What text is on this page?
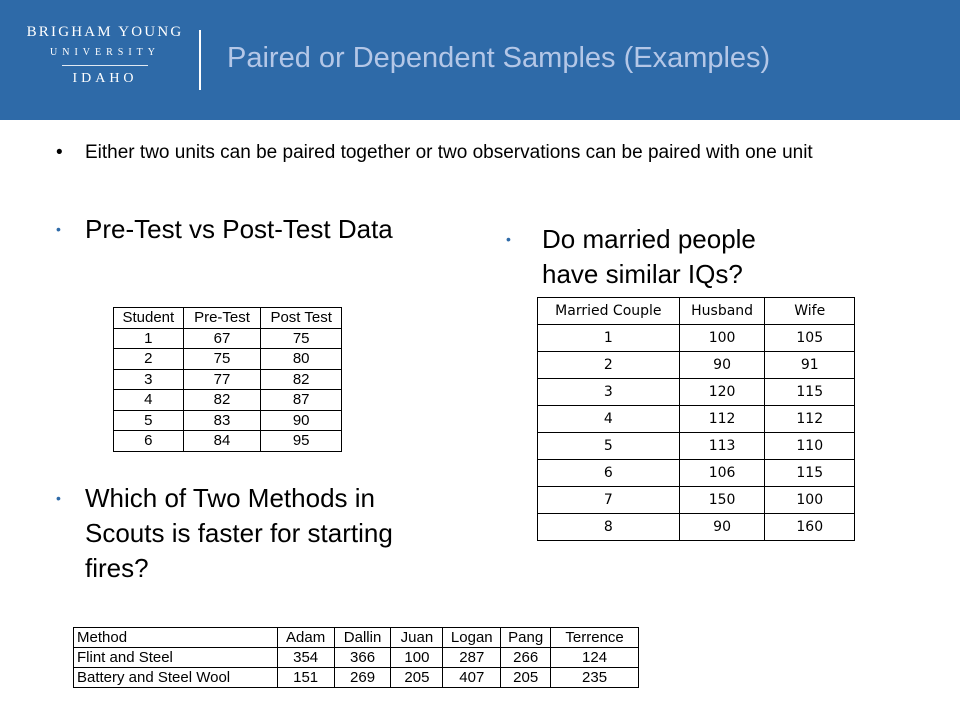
BRIGHAM YOUNG
UNIVERSITY
IDAHO
Paired or Dependent Samples (Examples)
• Either two units can be paired together or two observations can be paired with one unit
• Pre-Test vs Post-Test Data	• Do married people have similar IQs?
• Which of Two Methods in Scouts is faster for starting fires?
Student	Pre-Test	Post Test
1	67	75
2	75	80
3	77	82
4	82	87
5	83	90
6	84	95
Married Couple	Husband	Wife
1	100	105
2	90	91
3	120	115
4	112	112
5	113	110
6	106	115
7	150	100
8	90	160
Method	Adam	Dallin	Juan	Logan	Pang	Terrence
Flint and Steel	354	366	100	287	266	124
Battery and Steel Wool	151	269	205	407	205	235
